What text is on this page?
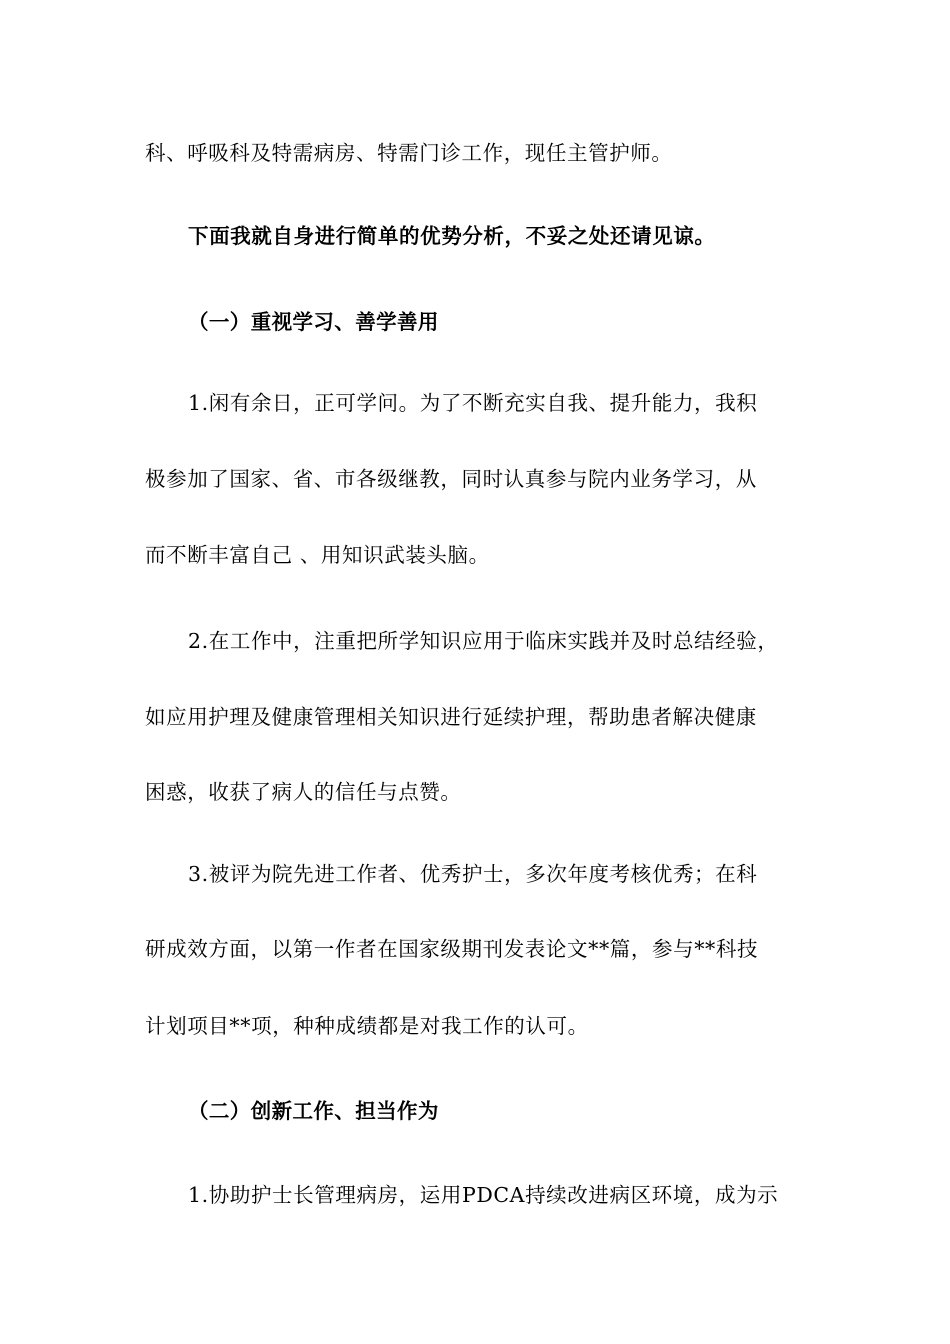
科、呼吸科及特需病房、特需门诊工作，现任主管护师。
下面我就自身进行简单的优势分析，不妥之处还请见谅。
（一）重视学习、善学善用
1.闲有余日，正可学问。为了不断充实自我、提升能力，我积
极参加了国家、省、市各级继教，同时认真参与院内业务学习，从
而不断丰富自己 、用知识武装头脑。
2.在工作中，注重把所学知识应用于临床实践并及时总结经验，
如应用护理及健康管理相关知识进行延续护理，帮助患者解决健康
困惑，收获了病人的信任与点赞。
3.被评为院先进工作者、优秀护士，多次年度考核优秀；在科
研成效方面，以第一作者在国家级期刊发表论文**篇，参与**科技
计划项目**项，种种成绩都是对我工作的认可。
（二）创新工作、担当作为
1.协助护士长管理病房，运用PDCA持续改进病区环境，成为示
